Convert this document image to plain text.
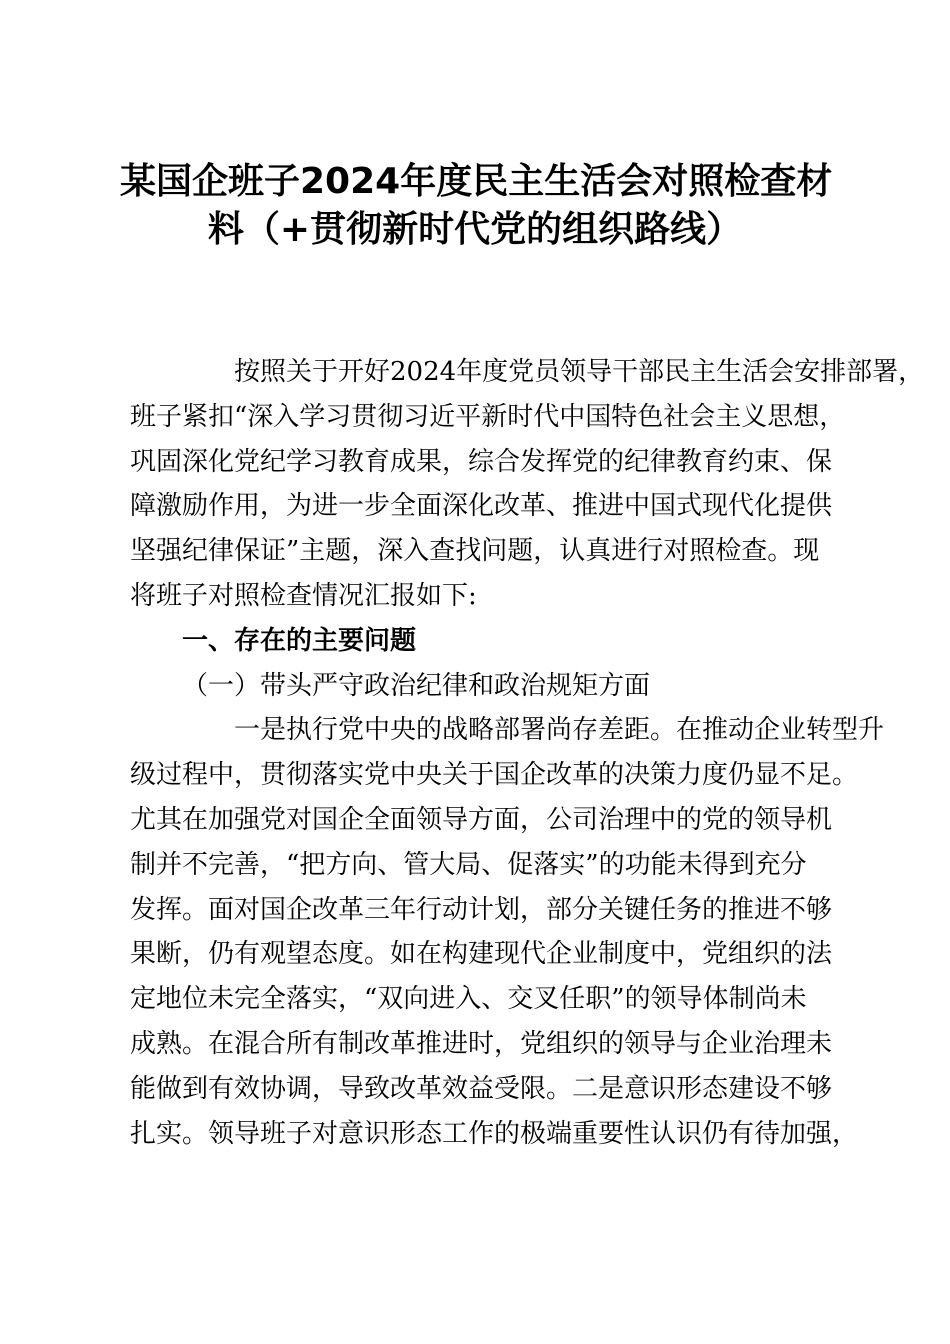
某国企班子2024年度民主生活会对照检查材
料（+贯彻新时代党的组织路线）

按照关于开好2024年度党员领导干部民主生活会安排部署，
班子紧扣“深入学习贯彻习近平新时代中国特色社会主义思想，
巩固深化党纪学习教育成果，综合发挥党的纪律教育约束、保
障激励作用，为进一步全面深化改革、推进中国式现代化提供
坚强纪律保证”主题，深入查找问题，认真进行对照检查。现
将班子对照检查情况汇报如下:

一、存在的主要问题

（一）带头严守政治纪律和政治规矩方面

一是执行党中央的战略部署尚存差距。在推动企业转型升
级过程中，贯彻落实党中央关于国企改革的决策力度仍显不足。
尤其在加强党对国企全面领导方面，公司治理中的党的领导机
制并不完善，“把方向、管大局、促落实”的功能未得到充分
发挥。面对国企改革三年行动计划，部分关键任务的推进不够
果断，仍有观望态度。如在构建现代企业制度中，党组织的法
定地位未完全落实，“双向进入、交叉任职”的领导体制尚未
成熟。在混合所有制改革推进时，党组织的领导与企业治理未
能做到有效协调，导致改革效益受限。二是意识形态建设不够
扎实。领导班子对意识形态工作的极端重要性认识仍有待加强，
